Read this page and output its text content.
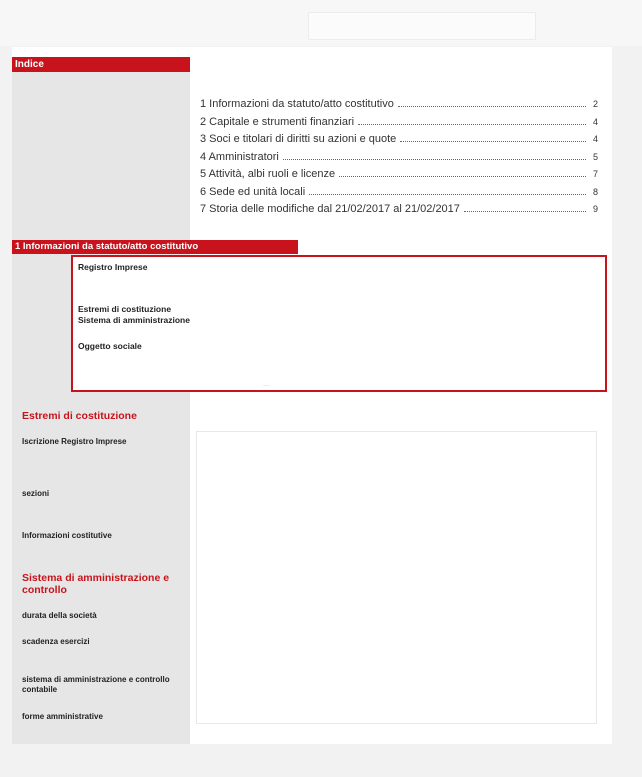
Indice
1 Informazioni da statuto/atto costitutivo	2
2 Capitale e strumenti finanziari	4
3 Soci e titolari di diritti su azioni e quote	4
4 Amministratori	5
5 Attività, albi ruoli e licenze	7
6 Sede ed unità locali	8
7 Storia delle modifiche dal 21/02/2017 al 21/02/2017	9
1 Informazioni da statuto/atto costitutivo
Registro Imprese
Estremi di costituzione
Sistema di amministrazione
Oggetto sociale
...
Estremi di costituzione
Iscrizione Registro Imprese
sezioni
Informazioni costitutive
Sistema di amministrazione e controllo
durata della società
scadenza esercizi
sistema di amministrazione e controllo contabile
forme amministrative
